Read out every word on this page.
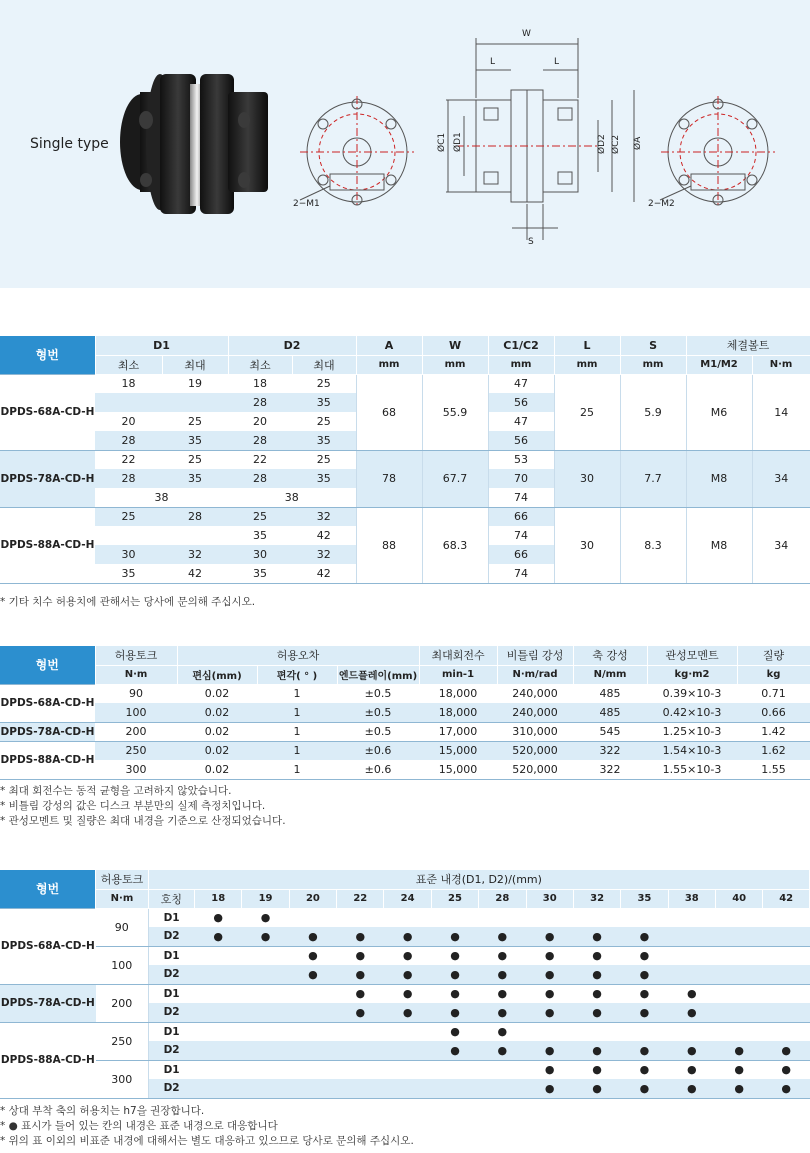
Single type
2−M1	2−M2
W
L	L
S
ØC1 ØD1	ØD2 ØC2 ØA
형번	D1		D2		A	W	C1/C2	L	S	체결볼트	
	최소	최대	최소	최대	mm	mm	mm	mm	mm	M1/M2	N·m
DPDS-68A-CD-H	18	19	18	25	68	55.9	47	25	5.9	M6	14
			28	35			56				
	20	25	20	25			47				
	28	35	28	35			56				
DPDS-78A-CD-H	22	25	22	25	78	67.7	53	30	7.7	M8	34
	28	35	28	35			70				
	38		38				74				
DPDS-88A-CD-H	25	28	25	32	88	68.3	66	30	8.3	M8	34
			35	42			74				
	30	32	30	32			66				
	35	42	35	42			74				
* 기타 치수 허용치에 관해서는 당사에 문의해 주십시오.
형번	허용토크	허용오차			최대회전수	비틀림 강성	축 강성	관성모멘트	질량
	N·m	편심(mm)	편각( ° )	엔드플레이(mm)	min-1	N·m/rad	N/mm	kg·m2	kg
DPDS-68A-CD-H	90	0.02	1	±0.5	18,000	240,000	485	0.39×10-3	0.71
	100	0.02	1	±0.5	18,000	240,000	485	0.42×10-3	0.66
DPDS-78A-CD-H	200	0.02	1	±0.5	17,000	310,000	545	1.25×10-3	1.42
DPDS-88A-CD-H	250	0.02	1	±0.6	15,000	520,000	322	1.54×10-3	1.62
	300	0.02	1	±0.6	15,000	520,000	322	1.55×10-3	1.55
* 최대 회전수는 동적 균형을 고려하지 않았습니다.
* 비틀림 강성의 값은 디스크 부분만의 실제 측정치입니다.
* 관성모멘트 및 질량은 최대 내경을 기준으로 산정되었습니다.
형번	허용토크	표준 내경(D1, D2)/(mm)													
	N·m	호칭	18	19	20	22	24	25	28	30	32	35	38	40	42
DPDS-68A-CD-H	90	D1	●	●											
		D2	●	●	●	●	●	●	●	●	●	●			
	100	D1			●	●	●	●	●	●	●	●			
		D2			●	●	●	●	●	●	●	●			
DPDS-78A-CD-H	200	D1				●	●	●	●	●	●	●	●		
		D2				●	●	●	●	●	●	●	●		
DPDS-88A-CD-H	250	D1						●	●						
		D2						●	●	●	●	●	●	●	●
	300	D1								●	●	●	●	●	●
		D2								●	●	●	●	●	●
* 상대 부착 축의 허용치는 h7을 권장합니다.
* ● 표시가 들어 있는 칸의 내경은 표준 내경으로 대응합니다
* 위의 표 이외의 비표준 내경에 대해서는 별도 대응하고 있으므로 당사로 문의해 주십시오.
